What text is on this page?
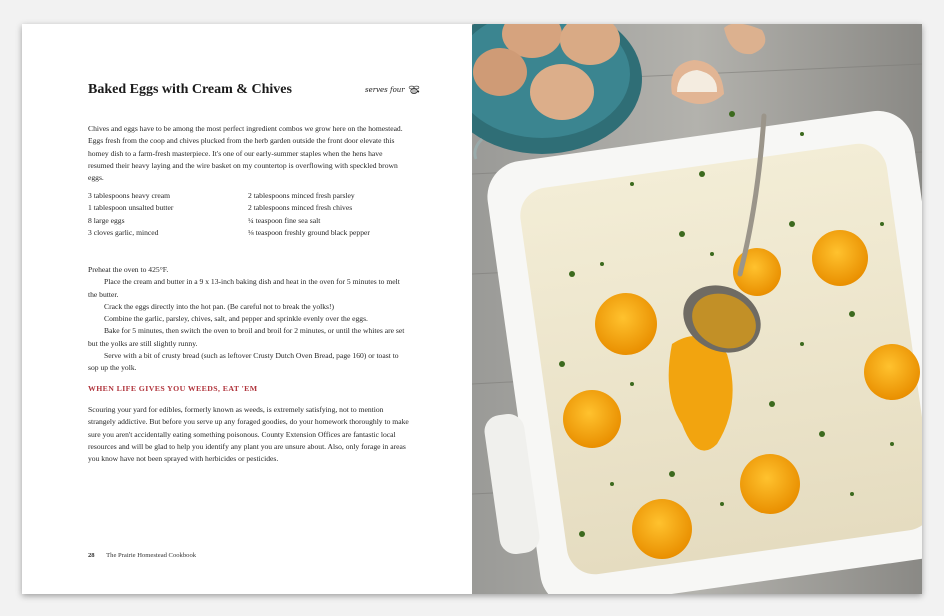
Baked Eggs with Cream & Chives	serves four

Chives and eggs have to be among the most perfect ingredient combos we grow here on the homestead. Eggs fresh from the coop and chives plucked from the herb garden outside the front door elevate this homey dish to a farm-fresh masterpiece. It's one of our early-summer staples when the hens have resumed their heavy laying and the wire basket on my countertop is overflowing with speckled brown eggs.

3 tablespoons heavy cream
1 tablespoon unsalted butter
8 large eggs
3 cloves garlic, minced
2 tablespoons minced fresh parsley
2 tablespoons minced fresh chives
¼ teaspoon fine sea salt
⅛ teaspoon freshly ground black pepper

Preheat the oven to 425°F.

Place the cream and butter in a 9 x 13-inch baking dish and heat in the oven for 5 minutes to melt the butter.

Crack the eggs directly into the hot pan. (Be careful not to break the yolks!)

Combine the garlic, parsley, chives, salt, and pepper and sprinkle evenly over the eggs.

Bake for 5 minutes, then switch the oven to broil and broil for 2 minutes, or until the whites are set but the yolks are still slightly runny.

Serve with a bit of crusty bread (such as leftover Crusty Dutch Oven Bread, page 160) or toast to sop up the yolk.

WHEN LIFE GIVES YOU WEEDS, EAT 'EM

Scouring your yard for edibles, formerly known as weeds, is extremely satisfying, not to mention strangely addictive. But before you serve up any foraged goodies, do your homework thoroughly to make sure you aren't accidentally eating something poisonous. County Extension Offices are fantastic local resources and will be glad to help you identify any plant you are unsure about. Also, only forage in areas you know have not been sprayed with herbicides or pesticides.

28 The Prairie Homestead Cookbook
